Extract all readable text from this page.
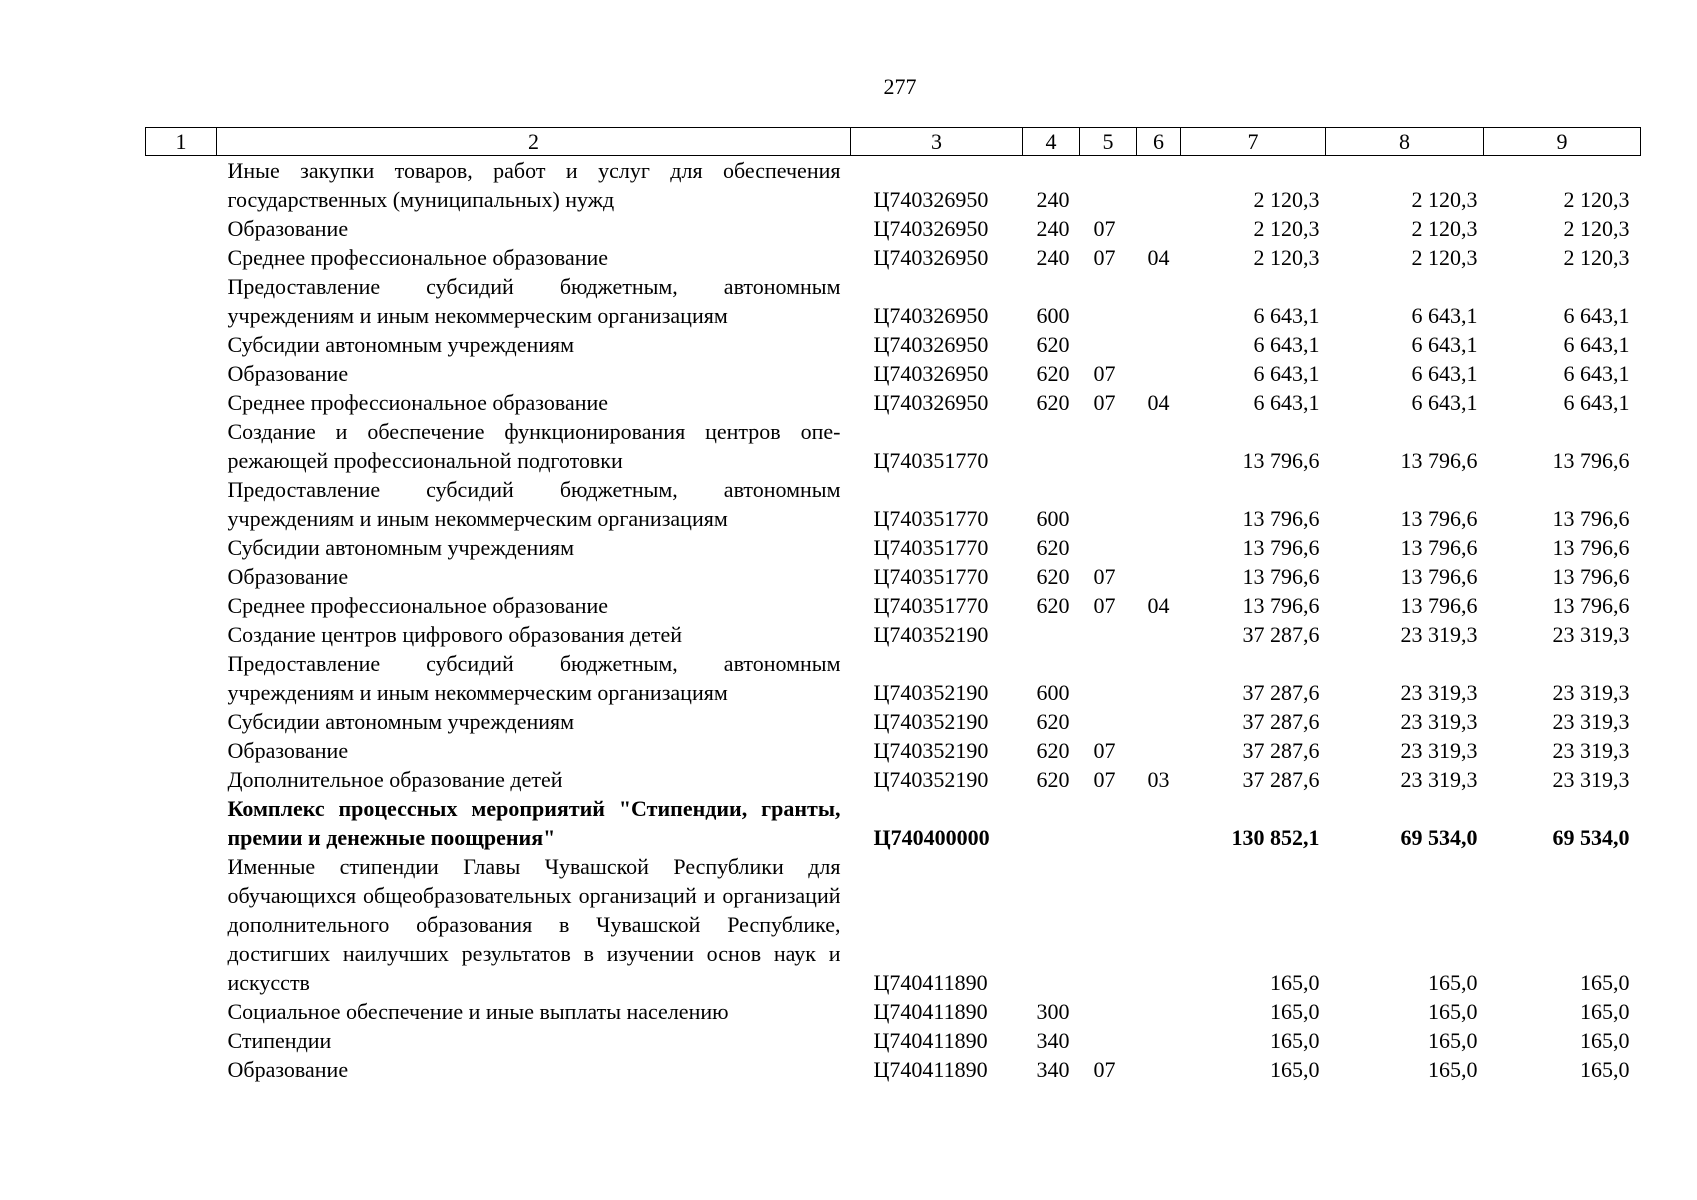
277
1	2	3	4	5	6	7	8	9
	Иные закупки товаров, работ и услуг для обеспечения государственных (муниципальных) нужд	Ц740326950	240			2 120,3	2 120,3	2 120,3
	Образование	Ц740326950	240	07		2 120,3	2 120,3	2 120,3
	Среднее профессиональное образование	Ц740326950	240	07	04	2 120,3	2 120,3	2 120,3
	Предоставление субсидий бюджетным, автономным учреждениям и иным некоммерческим организациям	Ц740326950	600			6 643,1	6 643,1	6 643,1
	Субсидии автономным учреждениям	Ц740326950	620			6 643,1	6 643,1	6 643,1
	Образование	Ц740326950	620	07		6 643,1	6 643,1	6 643,1
	Среднее профессиональное образование	Ц740326950	620	07	04	6 643,1	6 643,1	6 643,1
	Создание и обеспечение функционирования центров опережающей профессиональной подготовки	Ц740351770				13 796,6	13 796,6	13 796,6
	Предоставление субсидий бюджетным, автономным учреждениям и иным некоммерческим организациям	Ц740351770	600			13 796,6	13 796,6	13 796,6
	Субсидии автономным учреждениям	Ц740351770	620			13 796,6	13 796,6	13 796,6
	Образование	Ц740351770	620	07		13 796,6	13 796,6	13 796,6
	Среднее профессиональное образование	Ц740351770	620	07	04	13 796,6	13 796,6	13 796,6
	Создание центров цифрового образования детей	Ц740352190				37 287,6	23 319,3	23 319,3
	Предоставление субсидий бюджетным, автономным учреждениям и иным некоммерческим организациям	Ц740352190	600			37 287,6	23 319,3	23 319,3
	Субсидии автономным учреждениям	Ц740352190	620			37 287,6	23 319,3	23 319,3
	Образование	Ц740352190	620	07		37 287,6	23 319,3	23 319,3
	Дополнительное образование детей	Ц740352190	620	07	03	37 287,6	23 319,3	23 319,3
	Комплекс процессных мероприятий "Стипендии, гранты, премии и денежные поощрения"	Ц740400000				130 852,1	69 534,0	69 534,0
	Именные стипендии Главы Чувашской Республики для обучающихся общеобразовательных организаций и организаций дополнительного образования в Чувашской Республике, достигших наилучших результатов в изучении основ наук и искусств	Ц740411890				165,0	165,0	165,0
	Социальное обеспечение и иные выплаты населению	Ц740411890	300			165,0	165,0	165,0
	Стипендии	Ц740411890	340			165,0	165,0	165,0
	Образование	Ц740411890	340	07		165,0	165,0	165,0
